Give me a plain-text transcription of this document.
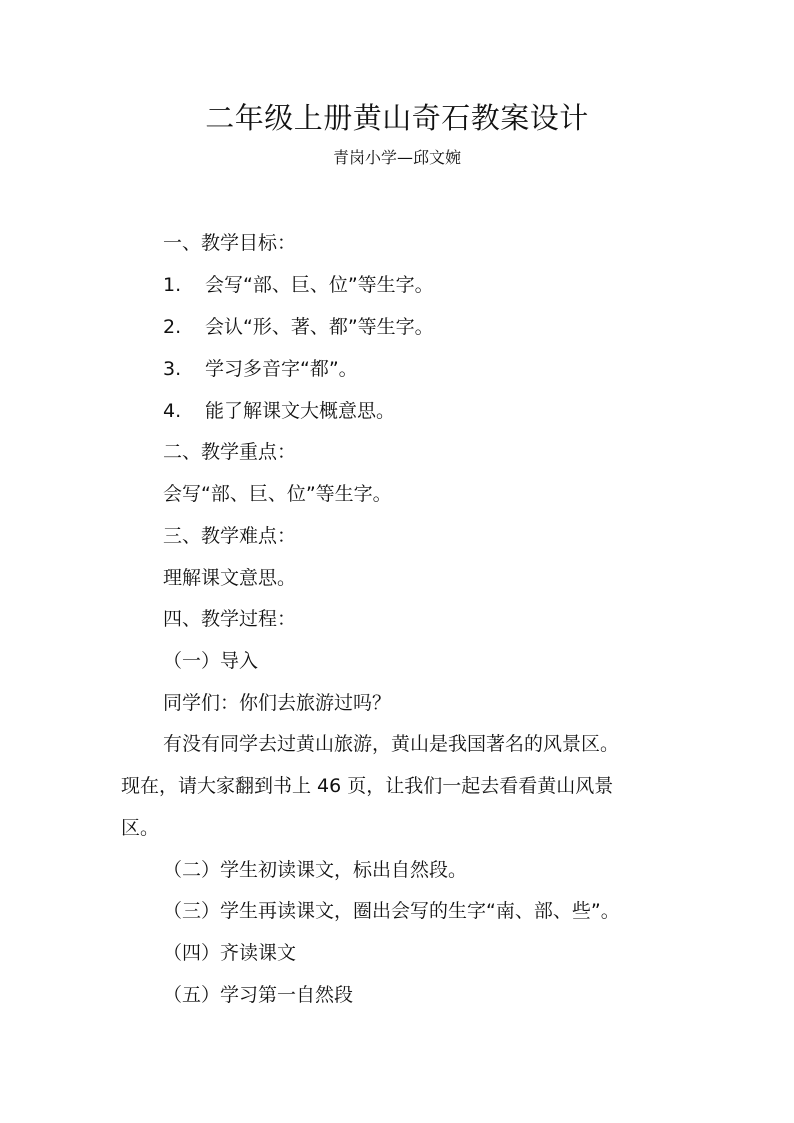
二年级上册黄山奇石教案设计
青岗小学—邱文婉
一、教学目标：
1. 会写“部、巨、位”等生字。
2. 会认“形、著、都”等生字。
3. 学习多音字“都”。
4. 能了解课文大概意思。
二、教学重点：
会写“部、巨、位”等生字。
三、教学难点：
理解课文意思。
四、教学过程：
（一）导入
同学们：你们去旅游过吗？
有没有同学去过黄山旅游，黄山是我国著名的风景区。
现在，请大家翻到书上 46 页，让我们一起去看看黄山风景
区。
（二）学生初读课文，标出自然段。
（三）学生再读课文，圈出会写的生字“南、部、些”。
（四）齐读课文
（五）学习第一自然段
